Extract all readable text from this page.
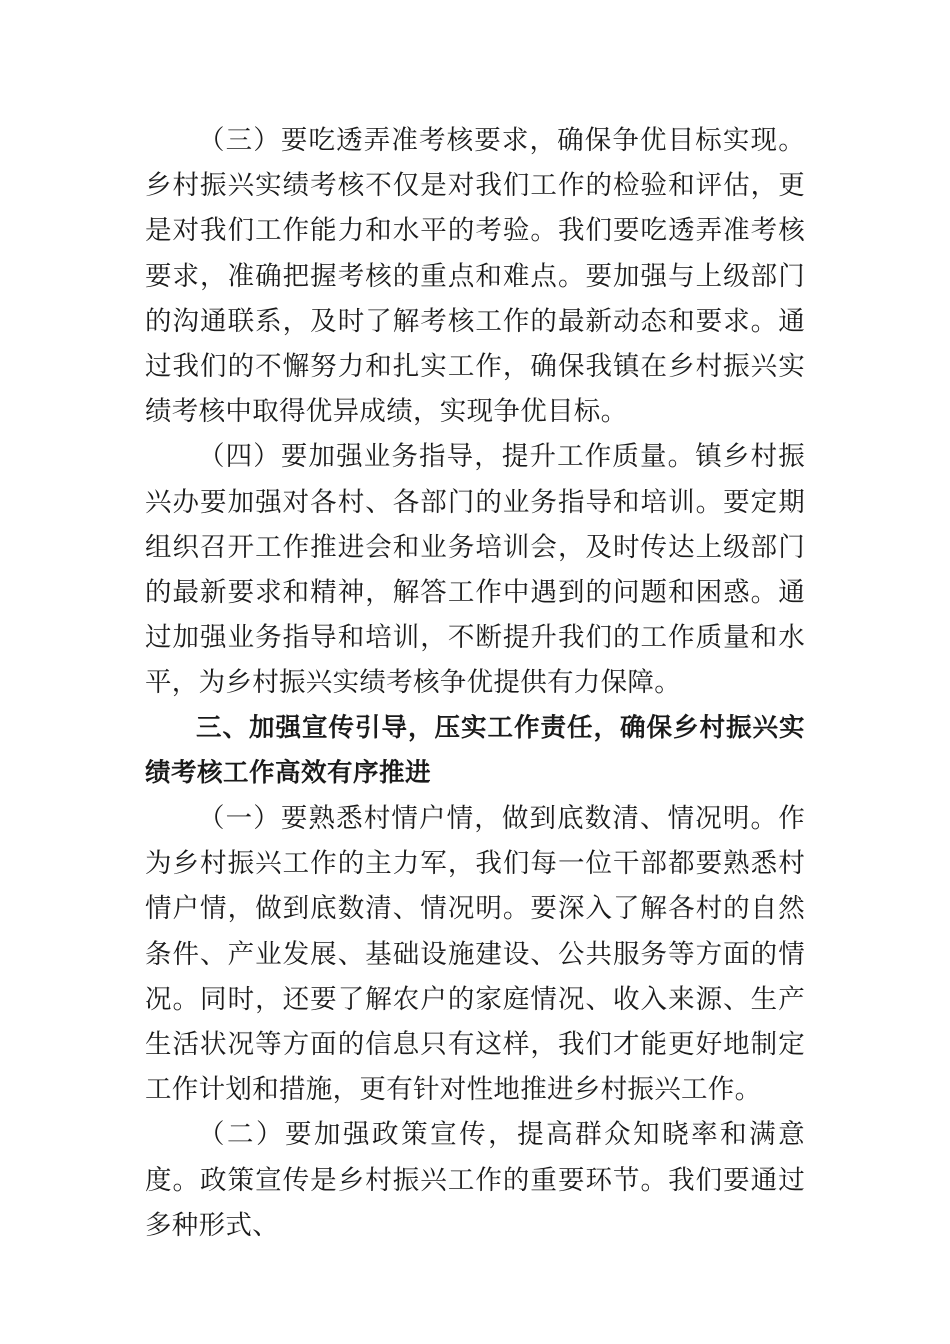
（三）要吃透弄准考核要求，确保争优目标实现。乡村振兴实绩考核不仅是对我们工作的检验和评估，更是对我们工作能力和水平的考验。我们要吃透弄准考核要求，准确把握考核的重点和难点。要加强与上级部门的沟通联系，及时了解考核工作的最新动态和要求。通过我们的不懈努力和扎实工作，确保我镇在乡村振兴实绩考核中取得优异成绩，实现争优目标。

（四）要加强业务指导，提升工作质量。镇乡村振兴办要加强对各村、各部门的业务指导和培训。要定期组织召开工作推进会和业务培训会，及时传达上级部门的最新要求和精神，解答工作中遇到的问题和困惑。通过加强业务指导和培训，不断提升我们的工作质量和水平，为乡村振兴实绩考核争优提供有力保障。

三、加强宣传引导，压实工作责任，确保乡村振兴实绩考核工作高效有序推进

（一）要熟悉村情户情，做到底数清、情况明。作为乡村振兴工作的主力军，我们每一位干部都要熟悉村情户情，做到底数清、情况明。要深入了解各村的自然条件、产业发展、基础设施建设、公共服务等方面的情况。同时，还要了解农户的家庭情况、收入来源、生产生活状况等方面的信息只有这样，我们才能更好地制定工作计划和措施，更有针对性地推进乡村振兴工作。

（二）要加强政策宣传，提高群众知晓率和满意度。政策宣传是乡村振兴工作的重要环节。我们要通过多种形式、
